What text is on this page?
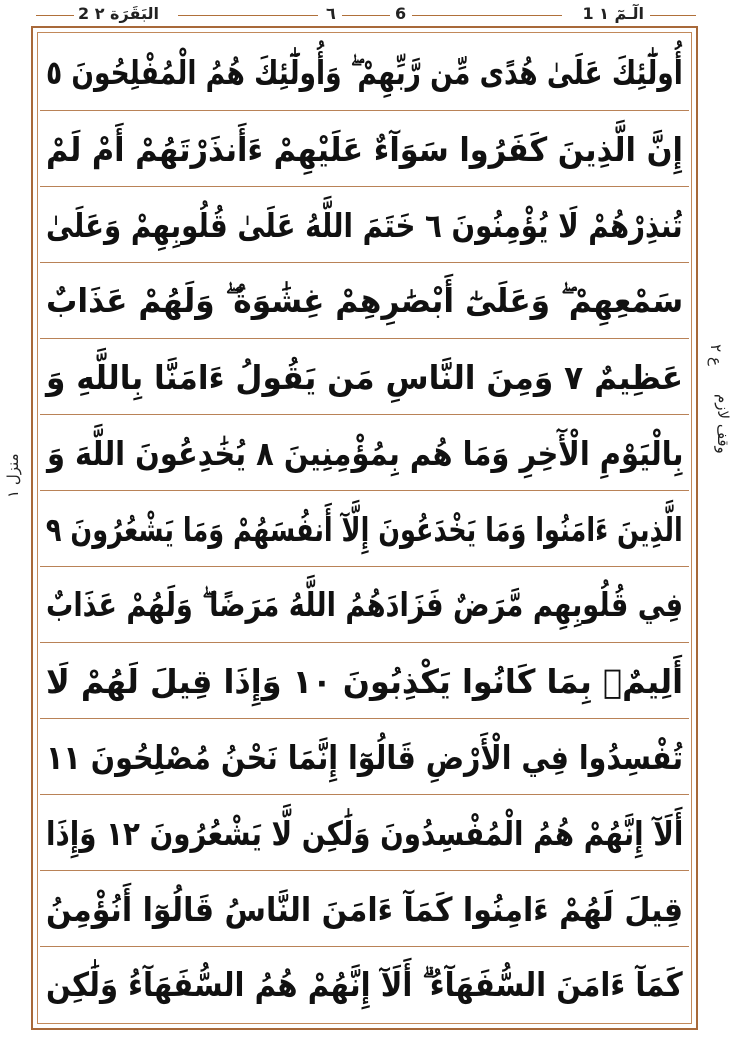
2 البَقَرَة ٢	٦	6	1 الٓـمٓ ١
منزل ١
ع ٢
وقف لازم
أُولَٰٓئِكَ عَلَىٰ هُدًى مِّن رَّبِّهِمْ ۖ وَأُولَٰٓئِكَ هُمُ الْمُفْلِحُونَ ٥
إِنَّ الَّذِينَ كَفَرُوا سَوَآءٌ عَلَيْهِمْ ءَأَنذَرْتَهُمْ أَمْ لَمْ
تُنذِرْهُمْ لَا يُؤْمِنُونَ ٦ خَتَمَ اللَّهُ عَلَىٰ قُلُوبِهِمْ وَعَلَىٰ
سَمْعِهِمْ ۖ وَعَلَىٰٓ أَبْصَٰرِهِمْ غِشَٰوَةٌ ۖ وَلَهُمْ عَذَابٌ
عَظِيمٌ ٧ وَمِنَ النَّاسِ مَن يَقُولُ ءَامَنَّا بِاللَّهِ وَ
بِالْيَوْمِ الْأٓخِرِ وَمَا هُم بِمُؤْمِنِينَ ٨ يُخَٰدِعُونَ اللَّهَ وَ
الَّذِينَ ءَامَنُوا وَمَا يَخْدَعُونَ إِلَّآ أَنفُسَهُمْ وَمَا يَشْعُرُونَ ٩
فِي قُلُوبِهِم مَّرَضٌ فَزَادَهُمُ اللَّهُ مَرَضًا ۖ وَلَهُمْ عَذَابٌ
أَلِيمٌۢ بِمَا كَانُوا يَكْذِبُونَ ١٠ وَإِذَا قِيلَ لَهُمْ لَا
تُفْسِدُوا فِي الْأَرْضِ قَالُوٓا إِنَّمَا نَحْنُ مُصْلِحُونَ ١١
أَلَآ إِنَّهُمْ هُمُ الْمُفْسِدُونَ وَلَٰكِن لَّا يَشْعُرُونَ ١٢ وَإِذَا
قِيلَ لَهُمْ ءَامِنُوا كَمَآ ءَامَنَ النَّاسُ قَالُوٓا أَنُؤْمِنُ
كَمَآ ءَامَنَ السُّفَهَآءُ ۗ أَلَآ إِنَّهُمْ هُمُ السُّفَهَآءُ وَلَٰكِن
